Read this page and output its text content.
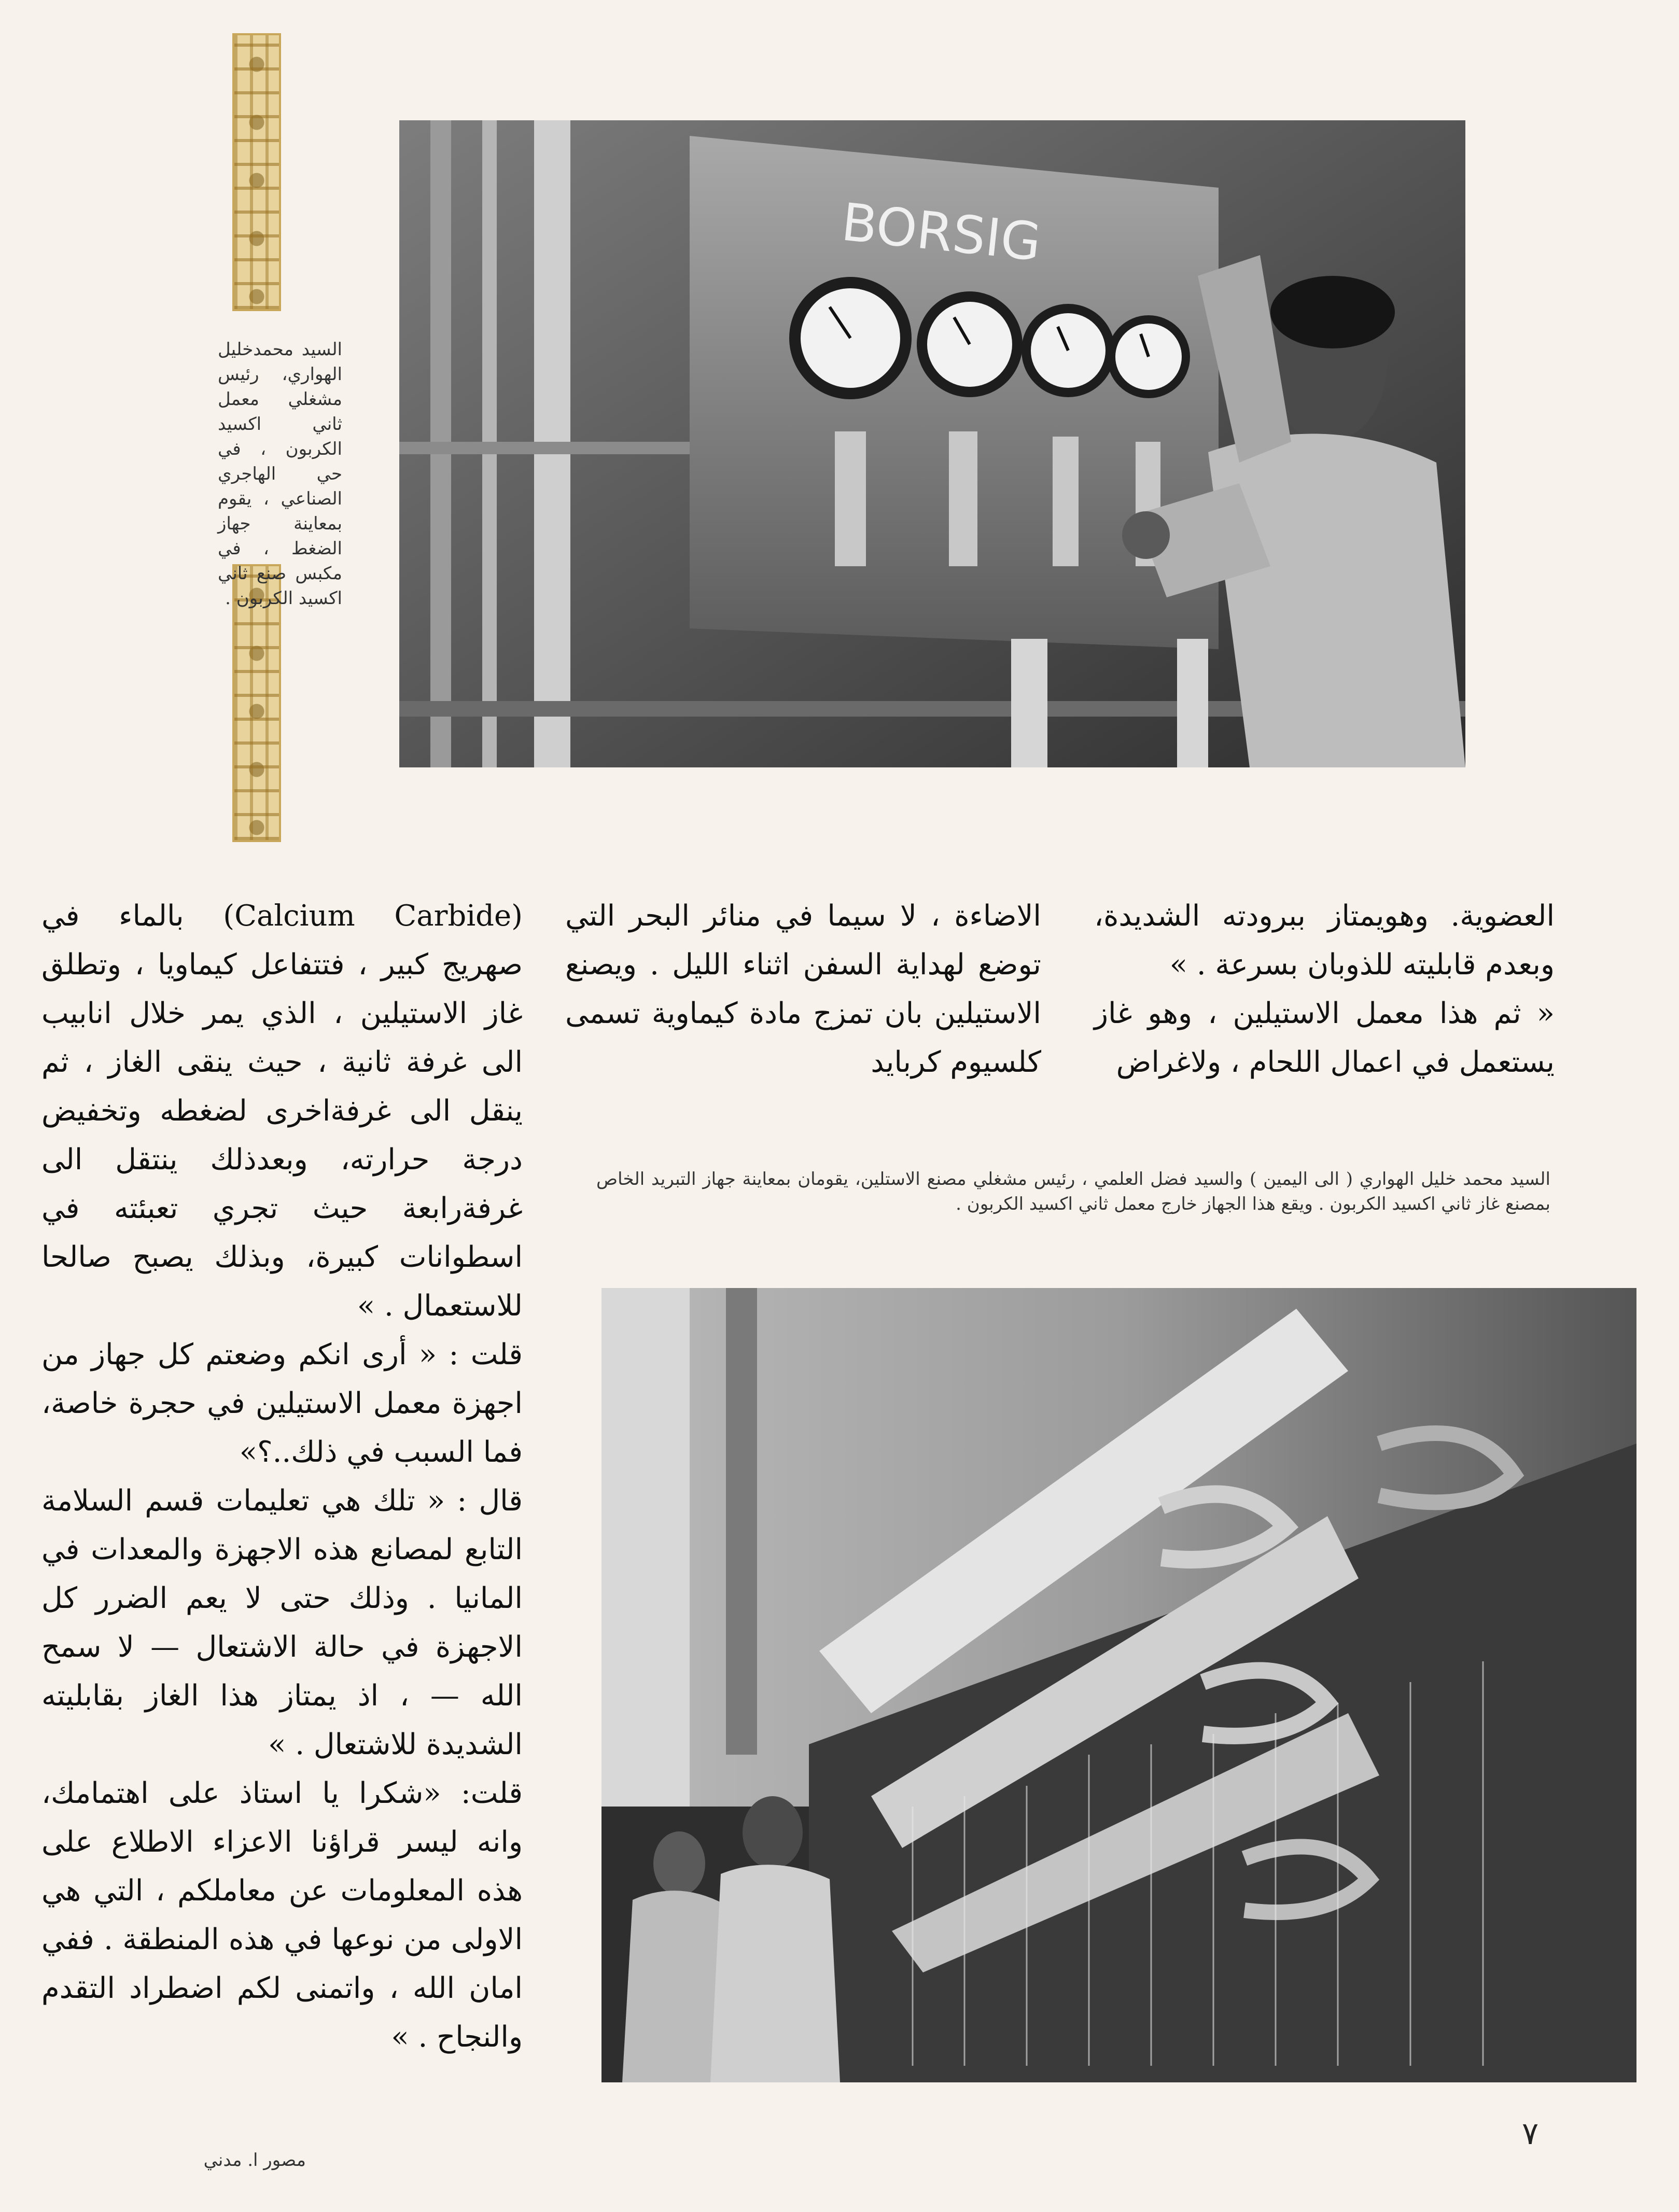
السيد محمدخليل الهواري، رئيس مشغلي معمل ثاني اكسيد الكربون ، في حي الهاجري الصناعي ، يقوم بمعاينة جهاز الضغط ، في مكبس صنع ثاني اكسيد الكربون .
BORSIG

العضوية. وهويمتاز ببرودته الشديدة، وبعدم قابليته للذوبان بسرعة . »

« ثم هذا معمل الاستيلين ، وهو غاز يستعمل في اعمال اللحام ، ولاغراض

الاضاءة ، لا سيما في منائر البحر التي توضع لهداية السفن اثناء الليل . ويصنع الاستيلين بان تمزج مادة كيماوية تسمى كلسيوم كربايد

(Calcium Carbide) بالماء في صهريج كبير ، فتتفاعل كيماويا ، وتطلق غاز الاستيلين ، الذي يمر خلال انابيب الى غرفة ثانية ، حيث ينقى الغاز ، ثم ينقل الى غرفةاخرى لضغطه وتخفيض درجة حرارته، وبعدذلك ينتقل الى غرفةرابعة حيث تجري تعبئته في اسطوانات كبيرة، وبذلك يصبح صالحا للاستعمال . »

قلت : « أرى انكم وضعتم كل جهاز من اجهزة معمل الاستيلين في حجرة خاصة، فما السبب في ذلك..؟»

قال : « تلك هي تعليمات قسم السلامة التابع لمصانع هذه الاجهزة والمعدات في المانيا . وذلك حتى لا يعم الضرر كل الاجهزة في حالة الاشتعال — لا سمح الله — ، اذ يمتاز هذا الغاز بقابليته الشديدة للاشتعال . »

قلت: «شكرا يا استاذ على اهتمامك، وانه ليسر قراؤنا الاعزاء الاطلاع على هذه المعلومات عن معاملكم ، التي هي الاولى من نوعها في هذه المنطقة . ففي امان الله ، واتمنى لكم اضطراد التقدم والنجاح . »

السيد محمد خليل الهواري ( الى اليمين ) والسيد فضل العلمي ، رئيس مشغلي مصنع الاستلين، يقومان بمعاينة جهاز التبريد الخاص بمصنع غاز ثاني اكسيد الكربون . ويقع هذا الجهاز خارج معمل ثاني اكسيد الكربون .
مصور ا. مدني
٧
